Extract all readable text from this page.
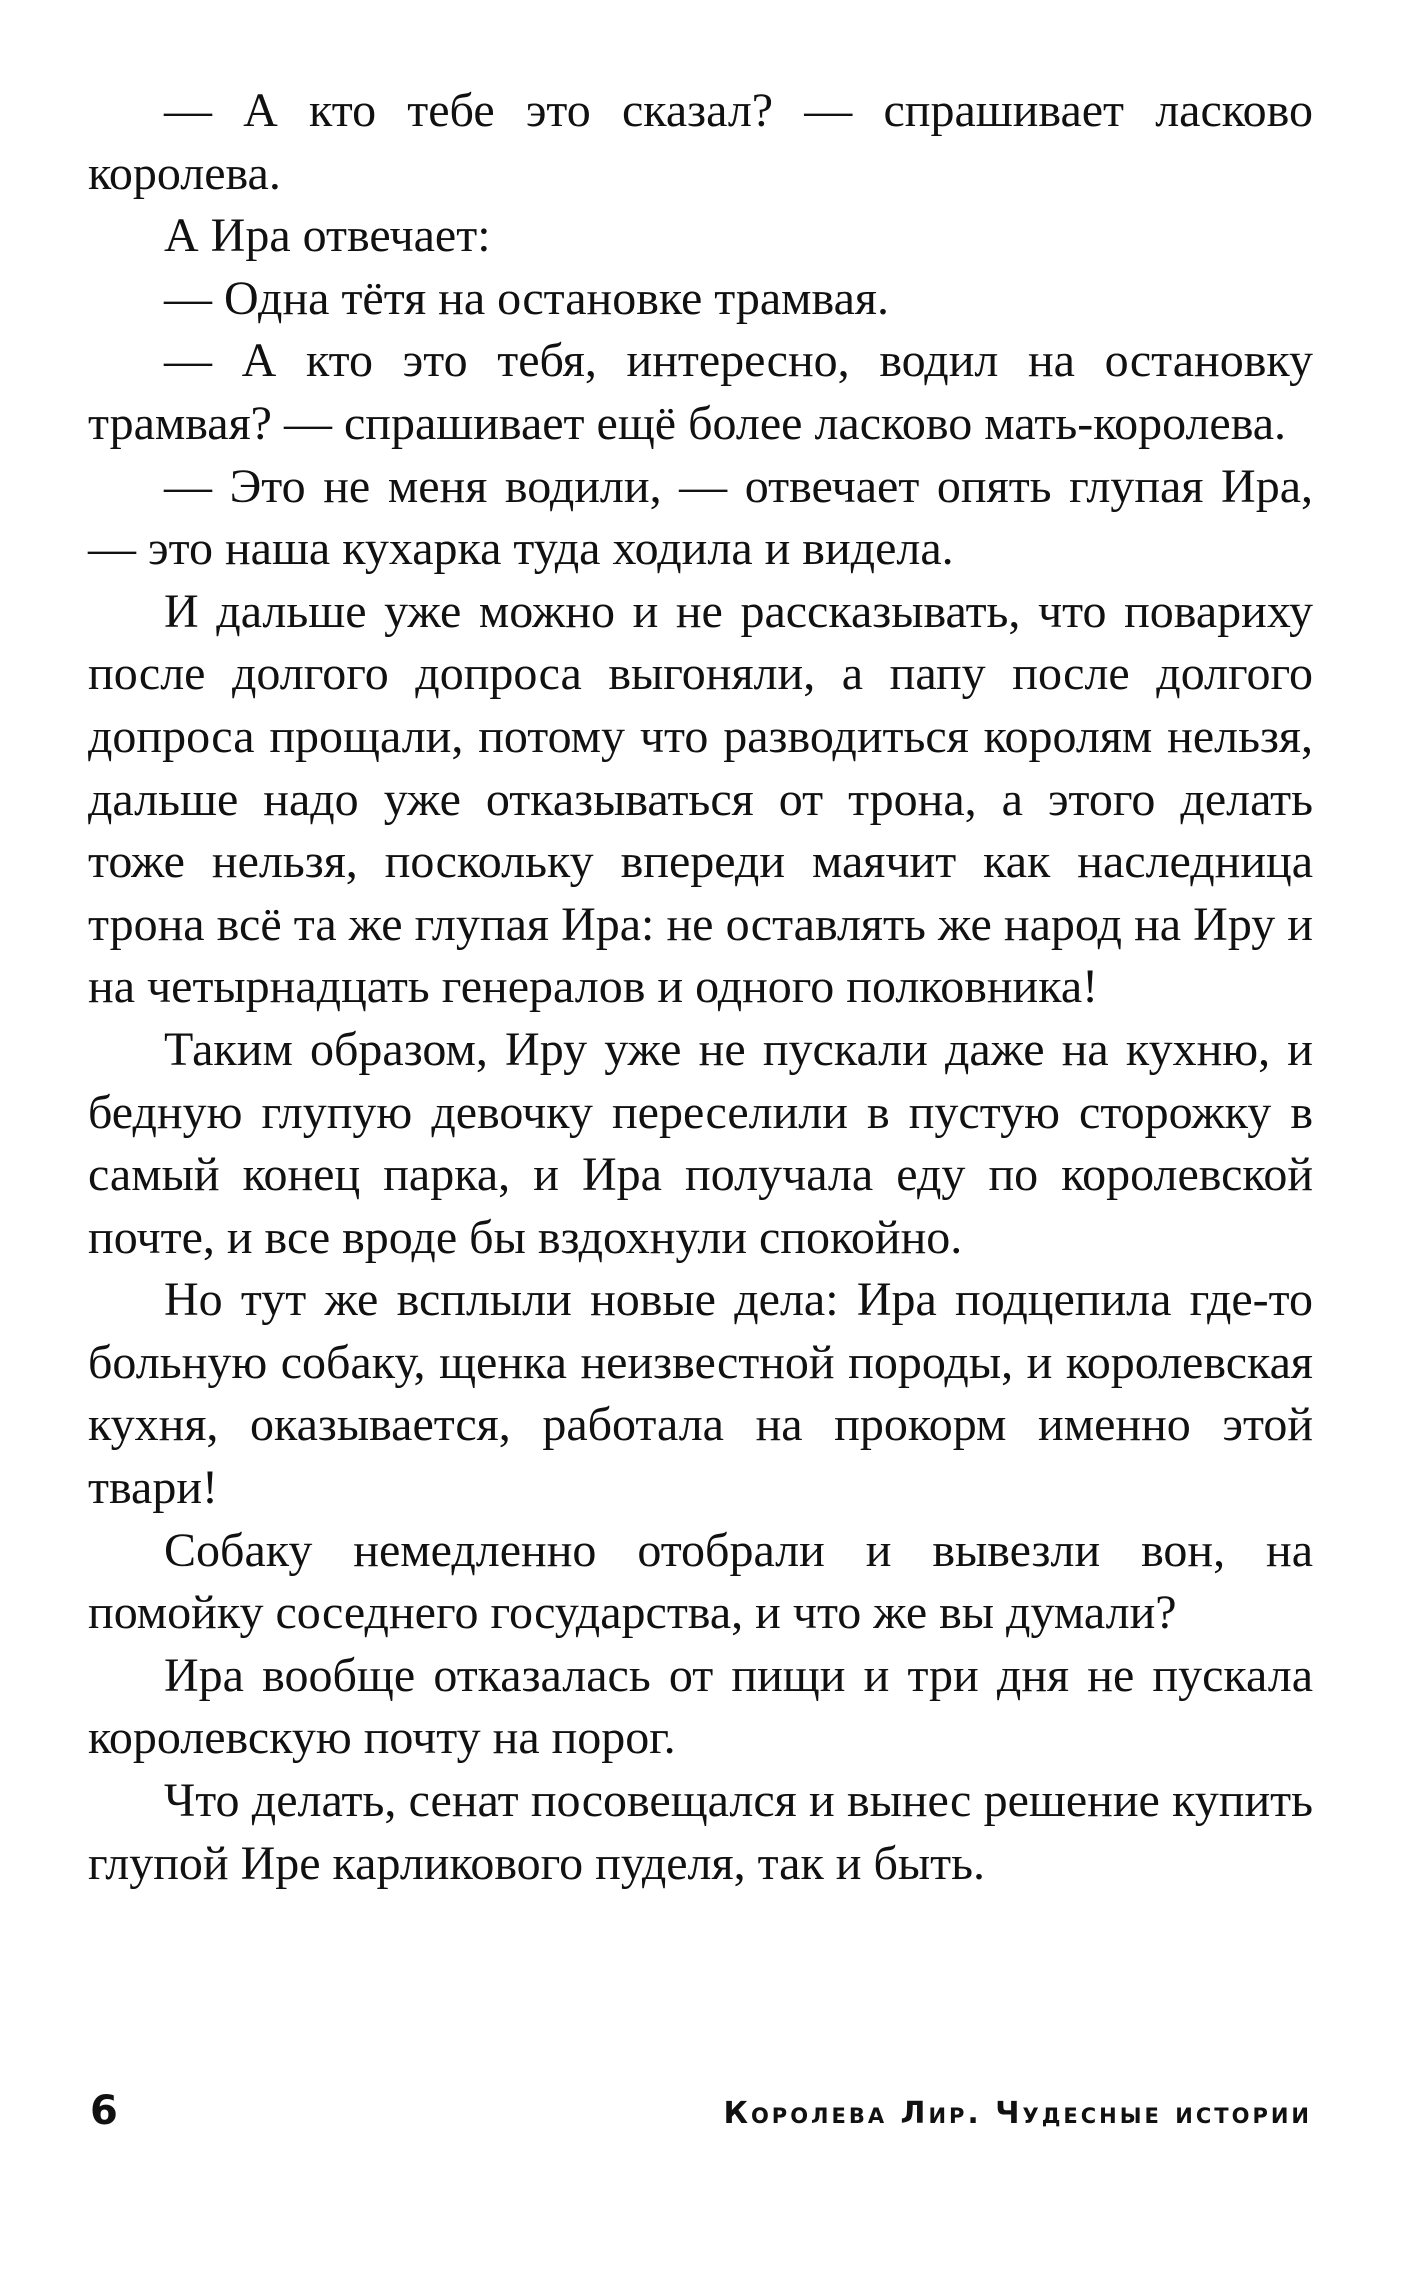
— А кто тебе это сказал? — спрашивает ласково королева.

А Ира отвечает:

— Одна тётя на остановке трамвая.

— А кто это тебя, интересно, водил на остановку трамвая? — спрашивает ещё более ласково мать-королева.

— Это не меня водили, — отвечает опять глупая Ира, — это наша кухарка туда ходила и видела.

И дальше уже можно и не рассказывать, что повариху после долгого допроса выгоняли, а папу после долгого допроса прощали, потому что разводиться королям нельзя, дальше надо уже отказываться от трона, а этого делать тоже нельзя, поскольку впереди маячит как наследница трона всё та же глупая Ира: не оставлять же народ на Иру и на четырнадцать генералов и одного полковника!

Таким образом, Иру уже не пускали даже на кухню, и бедную глупую девочку переселили в пустую сторожку в самый конец парка, и Ира получала еду по королевской почте, и все вроде бы вздохнули спокойно.

Но тут же всплыли новые дела: Ира подцепила где-то больную собаку, щенка неизвестной породы, и королевская кухня, оказывается, работала на прокорм именно этой твари!

Собаку немедленно отобрали и вывезли вон, на помойку соседнего государства, и что же вы думали?

Ира вообще отказалась от пищи и три дня не пускала королевскую почту на порог.

Что делать, сенат посовещался и вынес решение купить глупой Ире карликового пуделя, так и быть.

6	Королева Лир. Чудесные истории
